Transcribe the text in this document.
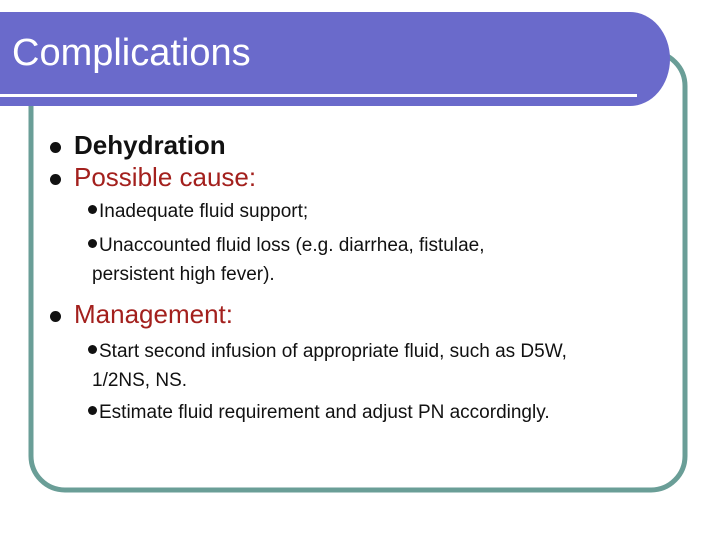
Complications
Dehydration
Possible cause:
Inadequate fluid support;
Unaccounted fluid loss (e.g. diarrhea, fistulae,
persistent high fever).
Management:
Start second infusion of appropriate fluid, such as D5W,
1/2NS, NS.
Estimate fluid requirement and adjust PN accordingly.
